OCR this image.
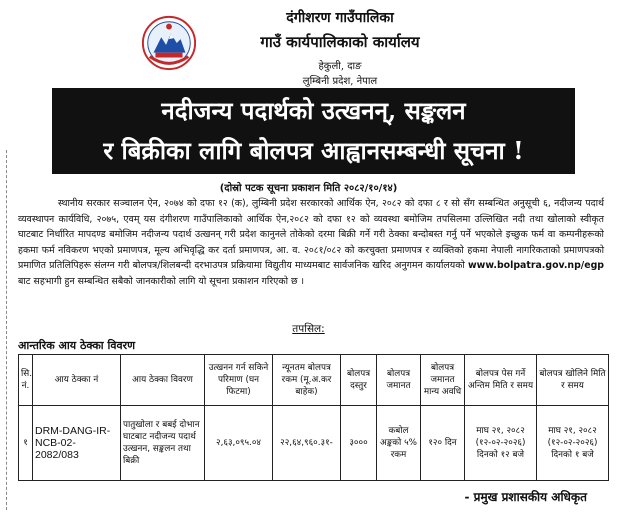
दंगीशरण गाउँपालिका
गाउँ कार्यपालिकाको कार्यालय
हेकुली, दाङ
लुम्बिनी प्रदेश, नेपाल
नदीजन्य पदार्थको उत्खनन्, सङ्कलन
र बिक्रीका लागि बोलपत्र आह्वानसम्बन्धी सूचना !
(दोस्रो पटक सूचना प्रकाशन मिति २०८२/१०/१४)
स्थानीय सरकार सञ्चालन ऐन, २०७४ को दफा १२ (क), लुम्बिनी प्रदेश सरकारको आर्थिक ऐन, २०८२ को दफा ८ र सो सँग सम्बन्धित अनुसूची ६, नदीजन्य पदार्थ व्यवस्थापन कार्यविधि, २०७५, एवम् यस दंगीशरण गाउँपालिकाको आर्थिक ऐन,२०८२ को दफा १२ को व्यवस्था बमोजिम तपसिलमा उल्लिखित नदी तथा खोलाको स्वीकृत घाटबाट निर्धारित मापदण्ड बमोजिम नदीजन्य पदार्थ उत्खनन् गरी प्रदेश कानुनले तोकेको दरमा बिक्री गर्ने गरी ठेक्का बन्दोबस्त गर्नु पर्ने भएकोले इच्छुक फर्म वा कम्पनीहरूको हकमा फर्म नविकरण भएको प्रमाणपत्र, मूल्य अभिवृद्धि कर दर्ता प्रमाणपत्र, आ. व. २०८१/०८२ को करचुक्ता प्रमाणपत्र र व्यक्तिको हकमा नेपाली नागरिकताको प्रमाणपत्रको प्रमाणित प्रतिलिपिहरू संलग्न गरी बोलपत्र/शिलबन्दी दरभाउपत्र प्रक्रियामा विद्युतीय माध्यमबाट सार्वजनिक खरिद अनुगमन कार्यालयको www.bolpatra.gov.np/egp बाट सहभागी हुन सम्बन्धित सबैको जानकारीको लागि यो सूचना प्रकाशन गरिएको छ ।
तपसिल:
आन्तरिक आय ठेक्का विवरण
सि. नं.	आय ठेक्का नं	आय ठेक्का विवरण	उत्खनन गर्न सकिने परिमाण (घन फिटमा)	न्यूनतम बोलपत्र रकम (मू.अ.कर बाहेक)	बोलपत्र दस्तुर	बोलपत्र जमानत	बोलपत्र जमानत मान्य अवधि	बोलपत्र पेस गर्ने अन्तिम मिति र समय	बोलपत्र खोलिने मिति र समय
१	DRM-DANG-IR-NCB-02-2082/083	पातुखोला र बबई दोभान घाटबाट नदीजन्य पदार्थ उत्खनन, सङ्कलन तथा बिक्री	२,६३,०९५.०४	२२,६४,९६०.३१-	३०००	कबोल अङ्कको ५% रकम	१२० दिन	माघ २१, २०८२ (१२-०२-२०२६) दिनको १२ बजे	माघ २१, २०८२ (१२-०२-२०२६) दिनको १ बजे
- प्रमुख प्रशासकीय अधिकृत
